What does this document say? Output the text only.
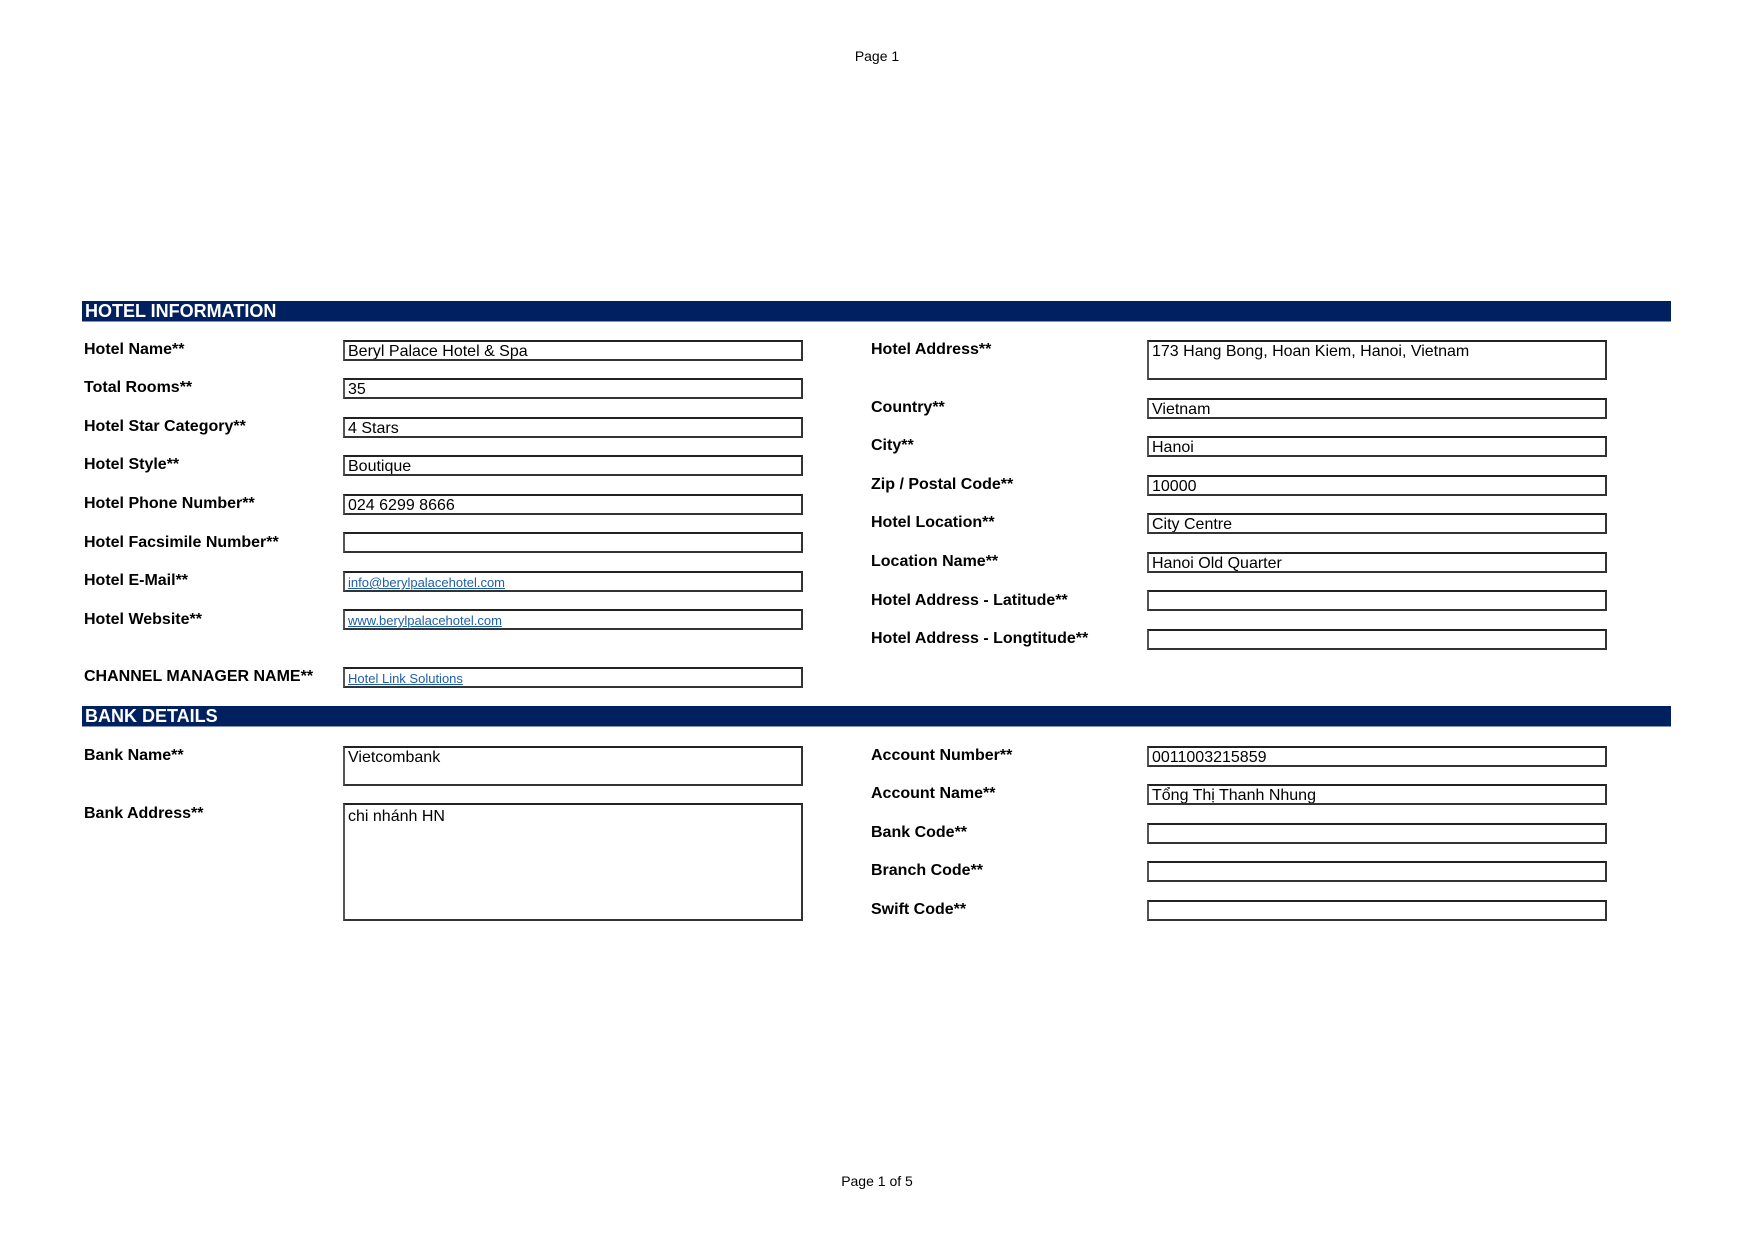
Page 1
HOTEL INFORMATION
Hotel Name**	Beryl Palace Hotel & Spa
Total Rooms**	35
Hotel Star Category**	4 Stars
Hotel Style**	Boutique
Hotel Phone Number**	024 6299 8666
Hotel Facsimile Number**
Hotel E-Mail**	info@berylpalacehotel.com
Hotel Website**	www.berylpalacehotel.com
CHANNEL MANAGER NAME**	Hotel Link Solutions
Hotel Address**	173 Hang Bong, Hoan Kiem, Hanoi, Vietnam
Country**	Vietnam
City**	Hanoi
Zip / Postal Code**	10000
Hotel Location**	City Centre
Location Name**	Hanoi Old Quarter
Hotel Address - Latitude**
Hotel Address - Longtitude**
BANK DETAILS
Bank Name**	Vietcombank
Bank Address**	chi nhánh HN
Account Number**	0011003215859
Account Name**	Tổng Thị Thanh Nhung
Bank Code**
Branch Code**
Swift Code**
Page 1 of 5
